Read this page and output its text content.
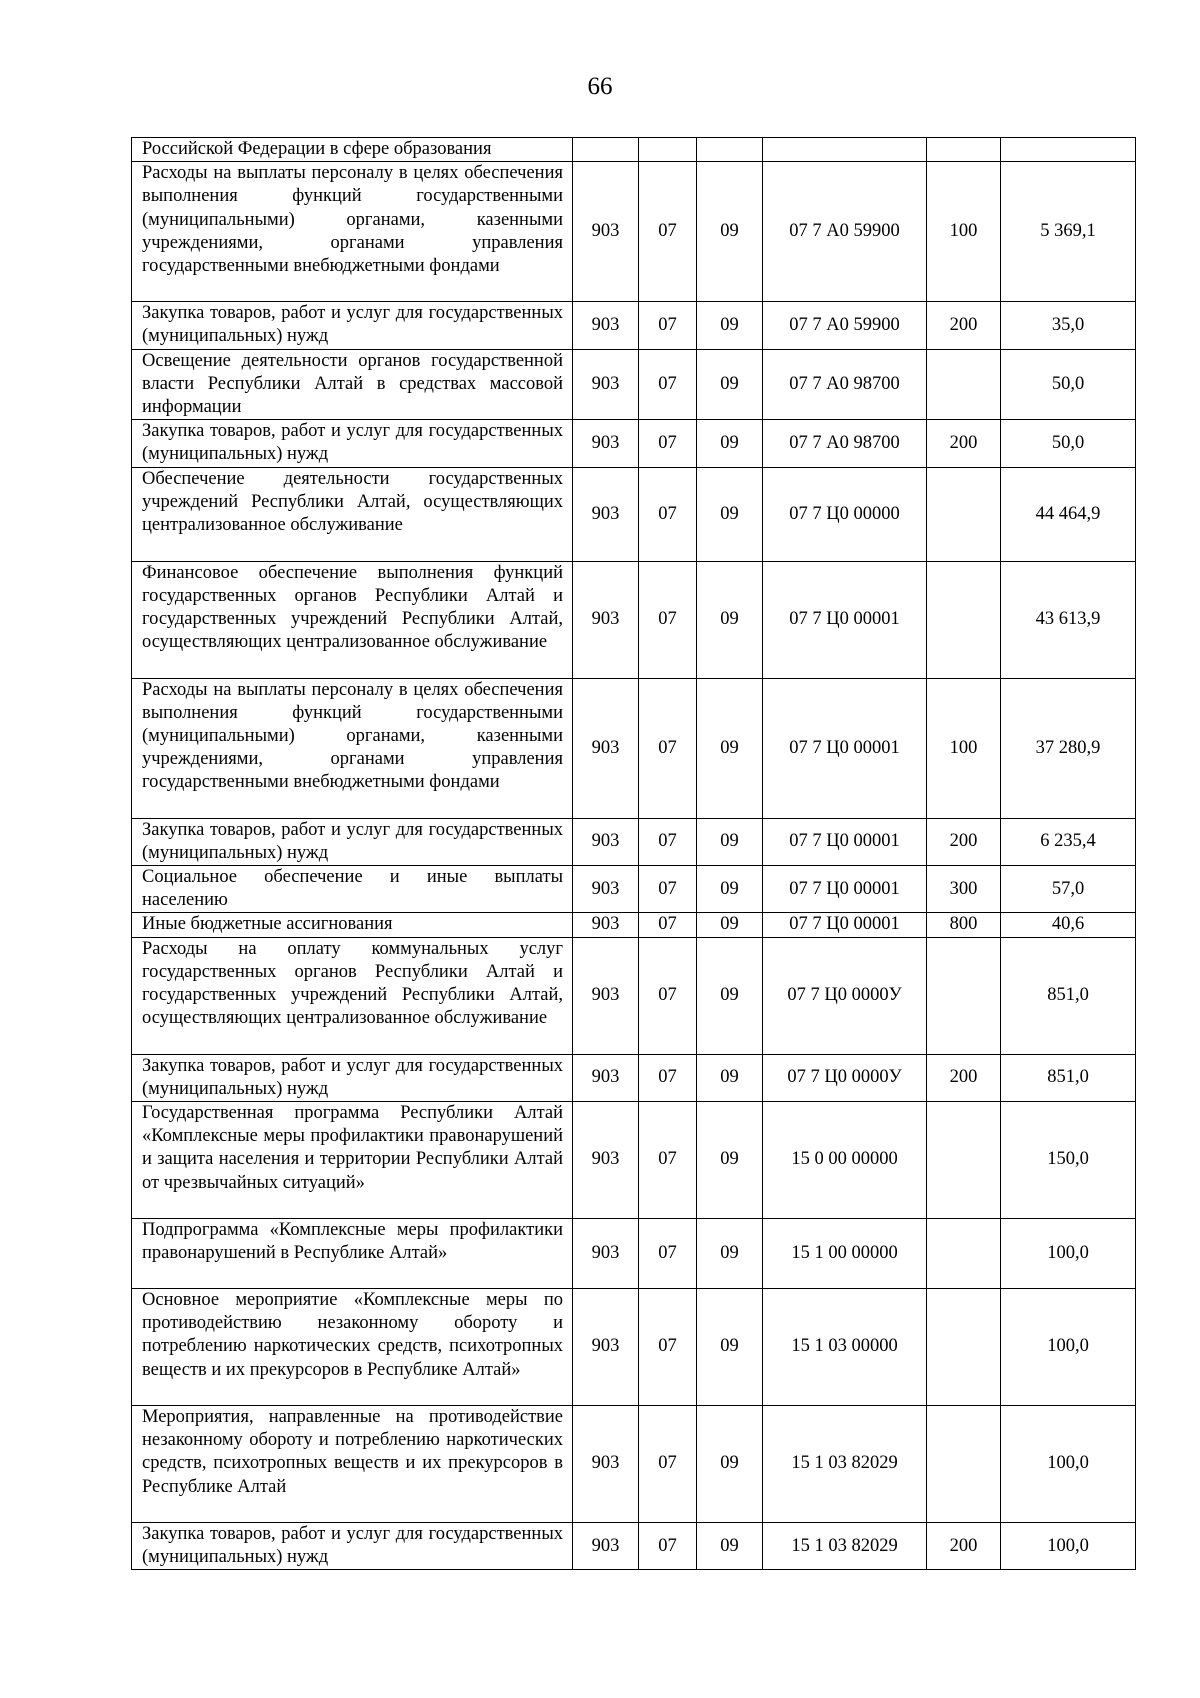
66
Российской Федерации в сфере образования						
Расходы на выплаты персоналу в целях обеспечения выполнения функций государственными (муниципальными) органами, казенными учреждениями, органами управления государственными внебюджетными фондами	903	07	09	07 7 А0 59900	100	5 369,1
Закупка товаров, работ и услуг для государственных (муниципальных) нужд	903	07	09	07 7 А0 59900	200	35,0
Освещение деятельности органов государственной власти Республики Алтай в средствах массовой информации	903	07	09	07 7 А0 98700		50,0
Закупка товаров, работ и услуг для государственных (муниципальных) нужд	903	07	09	07 7 А0 98700	200	50,0
Обеспечение деятельности государственных учреждений Республики Алтай, осуществляющих централизованное обслуживание	903	07	09	07 7 Ц0 00000		44 464,9
Финансовое обеспечение выполнения функций государственных органов Республики Алтай и государственных учреждений Республики Алтай, осуществляющих централизованное обслуживание	903	07	09	07 7 Ц0 00001		43 613,9
Расходы на выплаты персоналу в целях обеспечения выполнения функций государственными (муниципальными) органами, казенными учреждениями, органами управления государственными внебюджетными фондами	903	07	09	07 7 Ц0 00001	100	37 280,9
Закупка товаров, работ и услуг для государственных (муниципальных) нужд	903	07	09	07 7 Ц0 00001	200	6 235,4
Социальное обеспечение и иные выплаты населению	903	07	09	07 7 Ц0 00001	300	57,0
Иные бюджетные ассигнования	903	07	09	07 7 Ц0 00001	800	40,6
Расходы на оплату коммунальных услуг государственных органов Республики Алтай и государственных учреждений Республики Алтай, осуществляющих централизованное обслуживание	903	07	09	07 7 Ц0 0000У		851,0
Закупка товаров, работ и услуг для государственных (муниципальных) нужд	903	07	09	07 7 Ц0 0000У	200	851,0
Государственная программа Республики Алтай «Комплексные меры профилактики правонарушений и защита населения и территории Республики Алтай от чрезвычайных ситуаций»	903	07	09	15 0 00 00000		150,0
Подпрограмма «Комплексные меры профилактики правонарушений в Республике Алтай»	903	07	09	15 1 00 00000		100,0
Основное мероприятие «Комплексные меры по противодействию незаконному обороту и потреблению наркотических средств, психотропных веществ и их прекурсоров в Республике Алтай»	903	07	09	15 1 03 00000		100,0
Мероприятия, направленные на противодействие незаконному обороту и потреблению наркотических средств, психотропных веществ и их прекурсоров в Республике Алтай	903	07	09	15 1 03 82029		100,0
Закупка товаров, работ и услуг для государственных (муниципальных) нужд	903	07	09	15 1 03 82029	200	100,0
